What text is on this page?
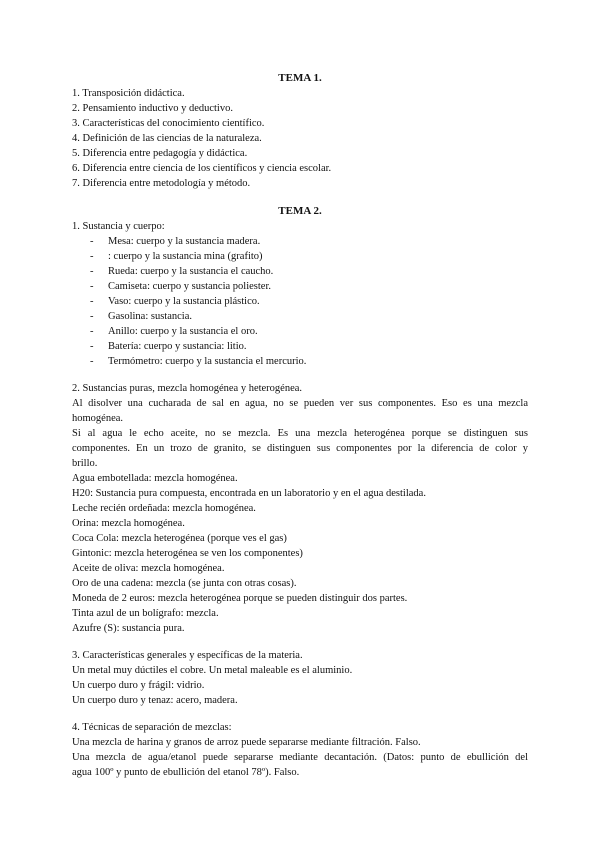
TEMA 1.
1. Transposición didáctica.
2. Pensamiento inductivo y deductivo.
3. Características del conocimiento científico.
4. Definición de las ciencias de la naturaleza.
5. Diferencia entre pedagogía y didáctica.
6. Diferencia entre ciencia de los científicos y ciencia escolar.
7. Diferencia entre metodología y método.
TEMA 2.
1. Sustancia y cuerpo:
- Mesa: cuerpo y la sustancia madera.
- : cuerpo y la sustancia mina (grafito)
- Rueda: cuerpo y la sustancia el caucho.
- Camiseta: cuerpo y sustancia poliester.
- Vaso: cuerpo y la sustancia plástico.
- Gasolina: sustancia.
- Anillo: cuerpo y la sustancia el oro.
- Batería: cuerpo y sustancia: litio.
- Termómetro: cuerpo y la sustancia el mercurio.
2. Sustancias puras, mezcla homogénea y heterogénea.
Al disolver una cucharada de sal en agua, no se pueden ver sus componentes. Eso es una mezcla
homogénea.
Si al agua le echo aceite, no se mezcla. Es una mezcla heterogénea porque se distinguen sus
componentes. En un trozo de granito, se distinguen sus componentes por la diferencia de color y
brillo.
Agua embotellada: mezcla homogénea.
H20: Sustancia pura compuesta, encontrada en un laboratorio y en el agua destilada.
Leche recién ordeñada: mezcla homogénea.
Orina: mezcla homogénea.
Coca Cola: mezcla heterogénea (porque ves el gas)
Gintonic: mezcla heterogénea se ven los componentes)
Aceite de oliva: mezcla homogénea.
Oro de una cadena: mezcla (se junta con otras cosas).
Moneda de 2 euros: mezcla heterogénea porque se pueden distinguir dos partes.
Tinta azul de un bolígrafo: mezcla.
Azufre (S): sustancia pura.
3. Características generales y específicas de la materia.
Un metal muy dúctiles el cobre. Un metal maleable es el aluminio.
Un cuerpo duro y frágil: vidrio.
Un cuerpo duro y tenaz: acero, madera.
4. Técnicas de separación de mezclas:
Una mezcla de harina y granos de arroz puede separarse mediante filtración. Falso.
Una mezcla de agua/etanol puede separarse mediante decantación. (Datos: punto de ebullición del
agua 100º y punto de ebullición del etanol 78º). Falso.
